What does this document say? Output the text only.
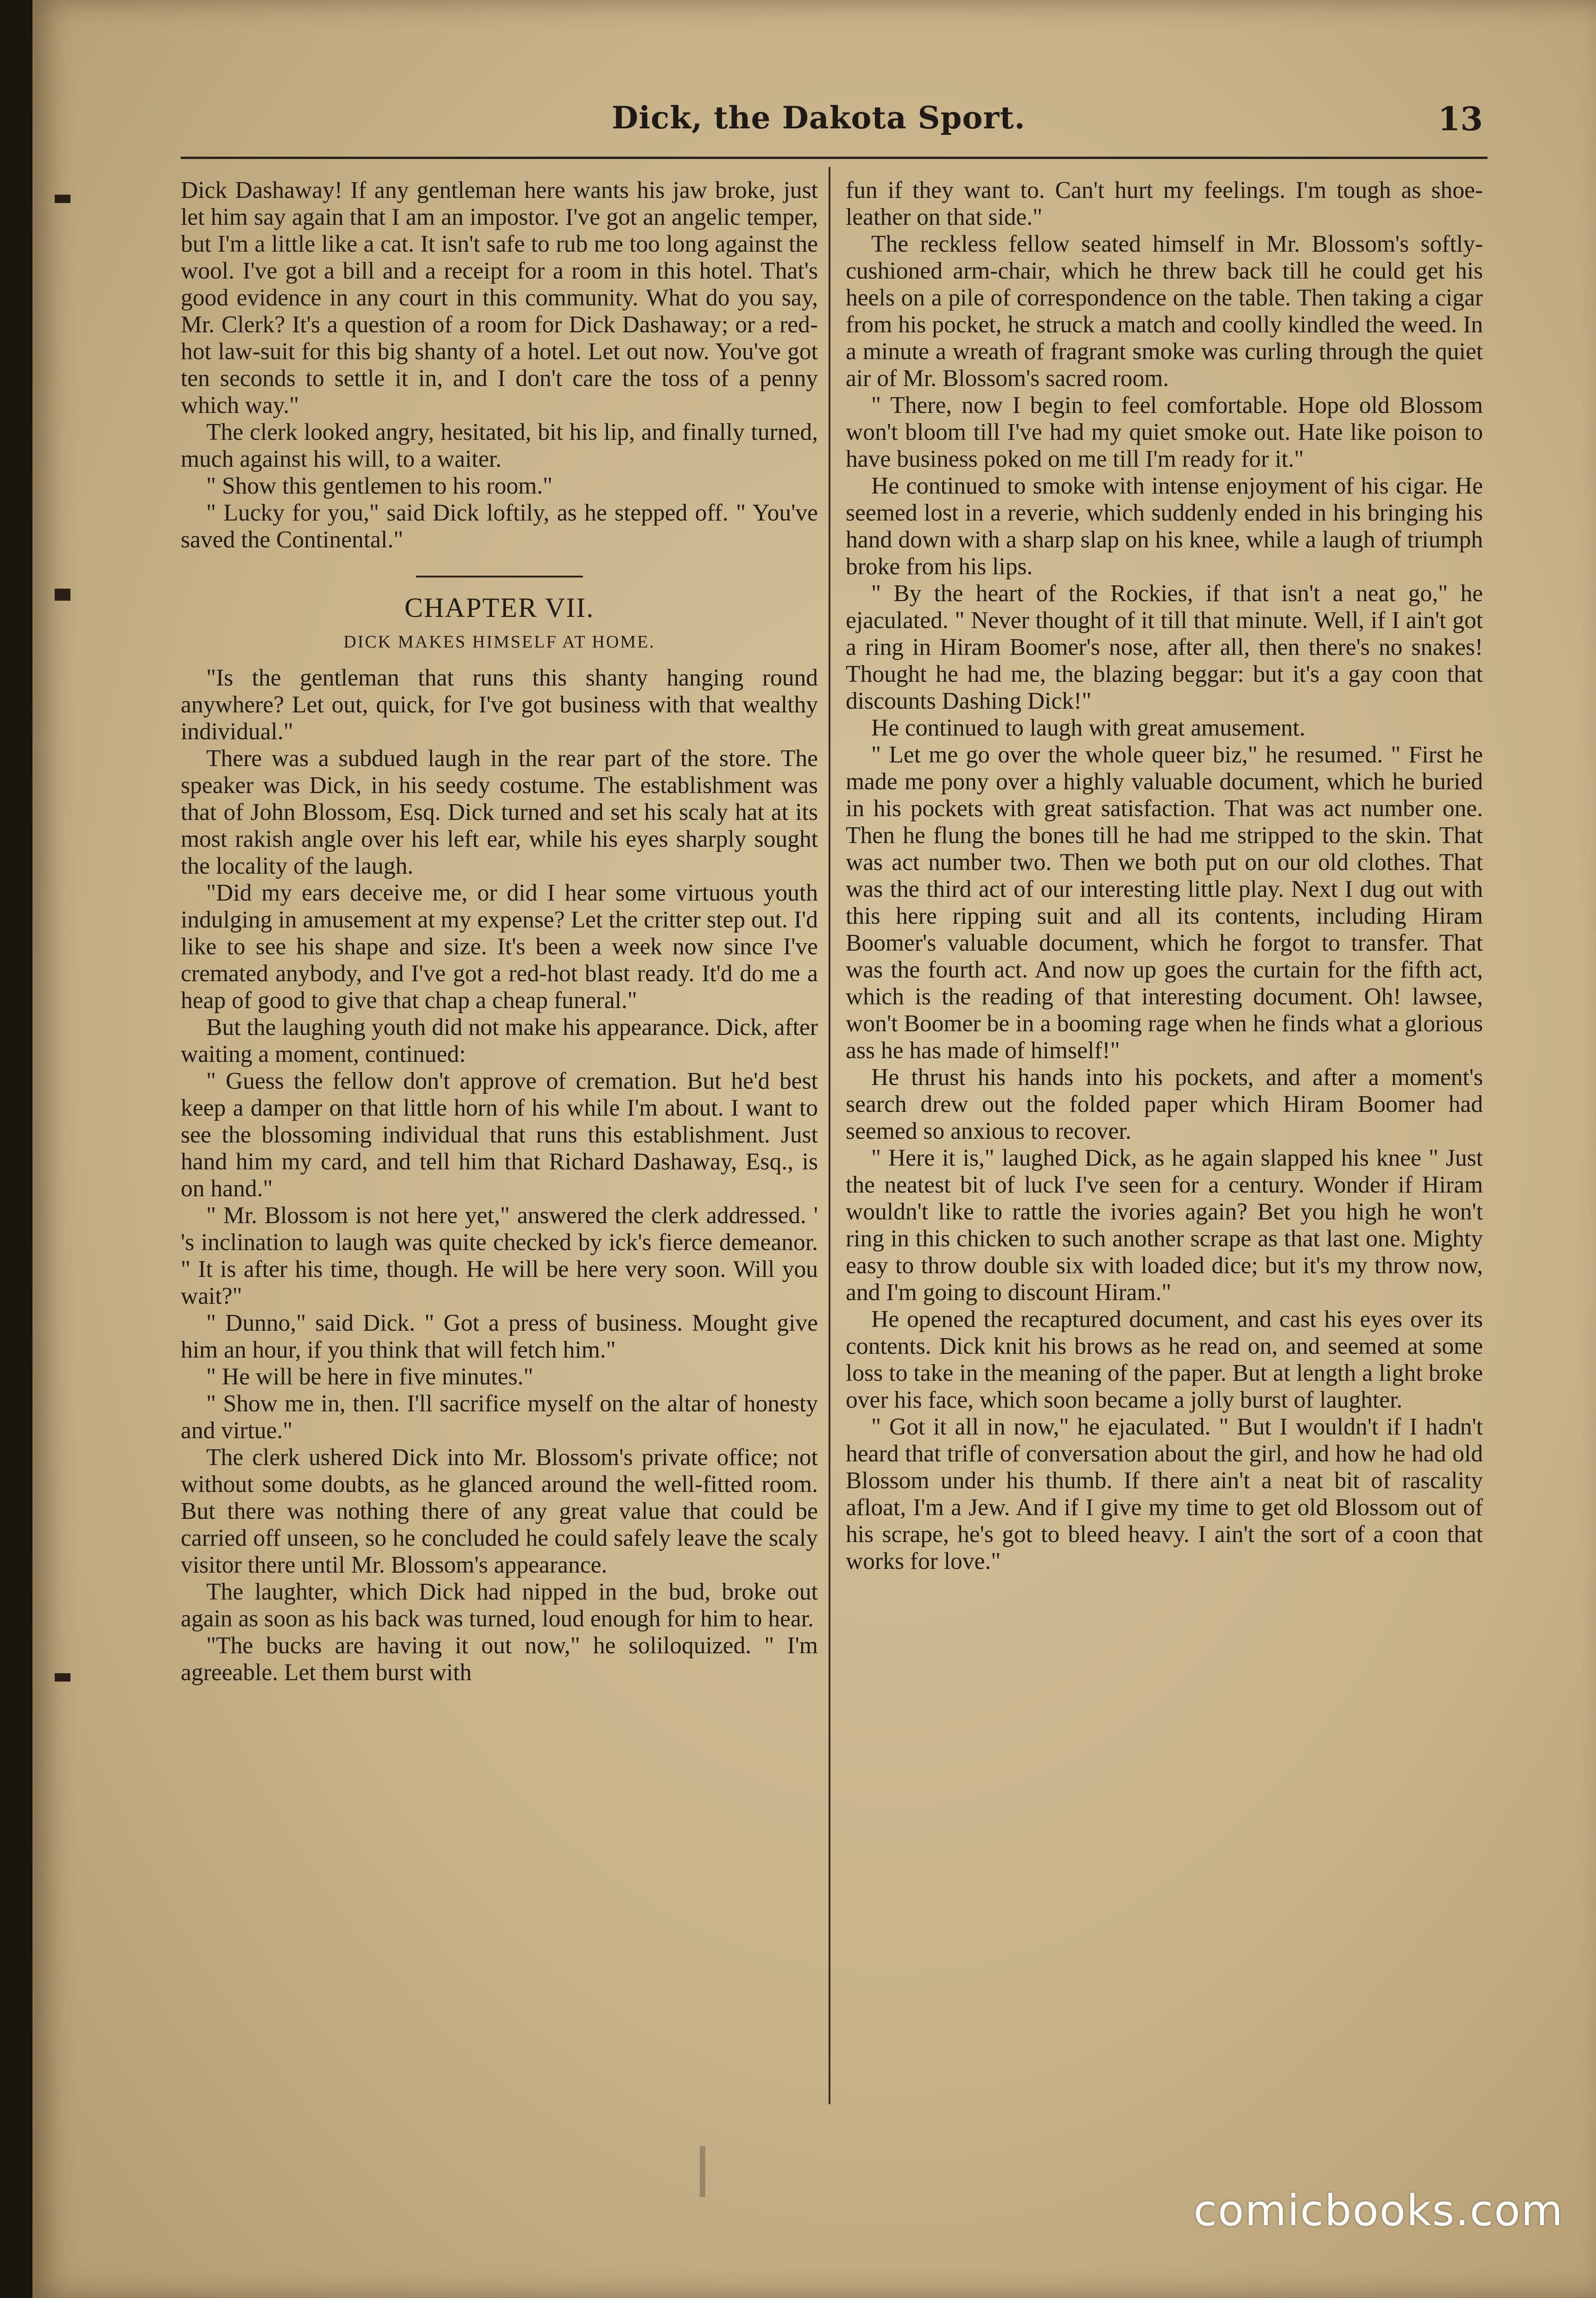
Dick, the Dakota Sport.	13

Dick Dashaway! If any gentleman here wants his jaw broke, just let him say again that I am an impostor. I've got an angelic temper, but I'm a little like a cat. It isn't safe to rub me too long against the wool. I've got a bill and a receipt for a room in this hotel. That's good evidence in any court in this community. What do you say, Mr. Clerk? It's a question of a room for Dick Dashaway; or a red-hot law-suit for this big shanty of a hotel. Let out now. You've got ten seconds to settle it in, and I don't care the toss of a penny which way."

The clerk looked angry, hesitated, bit his lip, and finally turned, much against his will, to a waiter.

" Show this gentlemen to his room."

" Lucky for you," said Dick loftily, as he stepped off. " You've saved the Continental."

CHAPTER VII.
DICK MAKES HIMSELF AT HOME.

"Is the gentleman that runs this shanty hanging round anywhere? Let out, quick, for I've got business with that wealthy individual."

There was a subdued laugh in the rear part of the store. The speaker was Dick, in his seedy costume. The establishment was that of John Blossom, Esq. Dick turned and set his scaly hat at its most rakish angle over his left ear, while his eyes sharply sought the locality of the laugh.

"Did my ears deceive me, or did I hear some virtuous youth indulging in amusement at my expense? Let the critter step out. I'd like to see his shape and size. It's been a week now since I've cremated anybody, and I've got a red-hot blast ready. It'd do me a heap of good to give that chap a cheap funeral."

But the laughing youth did not make his appearance. Dick, after waiting a moment, continued:

" Guess the fellow don't approve of cremation. But he'd best keep a damper on that little horn of his while I'm about. I want to see the blossoming individual that runs this establishment. Just hand him my card, and tell him that Richard Dashaway, Esq., is on hand."

" Mr. Blossom is not here yet," answered the clerk addressed. ' 's inclination to laugh was quite checked by ick's fierce demeanor. " It is after his time, though. He will be here very soon. Will you wait?"

" Dunno," said Dick. " Got a press of business. Mought give him an hour, if you think that will fetch him."

" He will be here in five minutes."

" Show me in, then. I'll sacrifice myself on the altar of honesty and virtue."

The clerk ushered Dick into Mr. Blossom's private office; not without some doubts, as he glanced around the well-fitted room. But there was nothing there of any great value that could be carried off unseen, so he concluded he could safely leave the scaly visitor there until Mr. Blossom's appearance.

The laughter, which Dick had nipped in the bud, broke out again as soon as his back was turned, loud enough for him to hear.

"The bucks are having it out now," he soliloquized. " I'm agreeable. Let them burst with

fun if they want to. Can't hurt my feelings. I'm tough as shoe-leather on that side."

The reckless fellow seated himself in Mr. Blossom's softly-cushioned arm-chair, which he threw back till he could get his heels on a pile of correspondence on the table. Then taking a cigar from his pocket, he struck a match and coolly kindled the weed. In a minute a wreath of fragrant smoke was curling through the quiet air of Mr. Blossom's sacred room.

" There, now I begin to feel comfortable. Hope old Blossom won't bloom till I've had my quiet smoke out. Hate like poison to have business poked on me till I'm ready for it."

He continued to smoke with intense enjoyment of his cigar. He seemed lost in a reverie, which suddenly ended in his bringing his hand down with a sharp slap on his knee, while a laugh of triumph broke from his lips.

" By the heart of the Rockies, if that isn't a neat go," he ejaculated. " Never thought of it till that minute. Well, if I ain't got a ring in Hiram Boomer's nose, after all, then there's no snakes! Thought he had me, the blazing beggar: but it's a gay coon that discounts Dashing Dick!"

He continued to laugh with great amusement.

" Let me go over the whole queer biz," he resumed. " First he made me pony over a highly valuable document, which he buried in his pockets with great satisfaction. That was act number one. Then he flung the bones till he had me stripped to the skin. That was act number two. Then we both put on our old clothes. That was the third act of our interesting little play. Next I dug out with this here ripping suit and all its contents, including Hiram Boomer's valuable document, which he forgot to transfer. That was the fourth act. And now up goes the curtain for the fifth act, which is the reading of that interesting document. Oh! lawsee, won't Boomer be in a booming rage when he finds what a glorious ass he has made of himself!"

He thrust his hands into his pockets, and after a moment's search drew out the folded paper which Hiram Boomer had seemed so anxious to recover.

" Here it is," laughed Dick, as he again slapped his knee " Just the neatest bit of luck I've seen for a century. Wonder if Hiram wouldn't like to rattle the ivories again? Bet you high he won't ring in this chicken to such another scrape as that last one. Mighty easy to throw double six with loaded dice; but it's my throw now, and I'm going to discount Hiram."

He opened the recaptured document, and cast his eyes over its contents. Dick knit his brows as he read on, and seemed at some loss to take in the meaning of the paper. But at length a light broke over his face, which soon became a jolly burst of laughter.

" Got it all in now," he ejaculated. " But I wouldn't if I hadn't heard that trifle of conversation about the girl, and how he had old Blossom under his thumb. If there ain't a neat bit of rascality afloat, I'm a Jew. And if I give my time to get old Blossom out of his scrape, he's got to bleed heavy. I ain't the sort of a coon that works for love."

comicbooks.com
